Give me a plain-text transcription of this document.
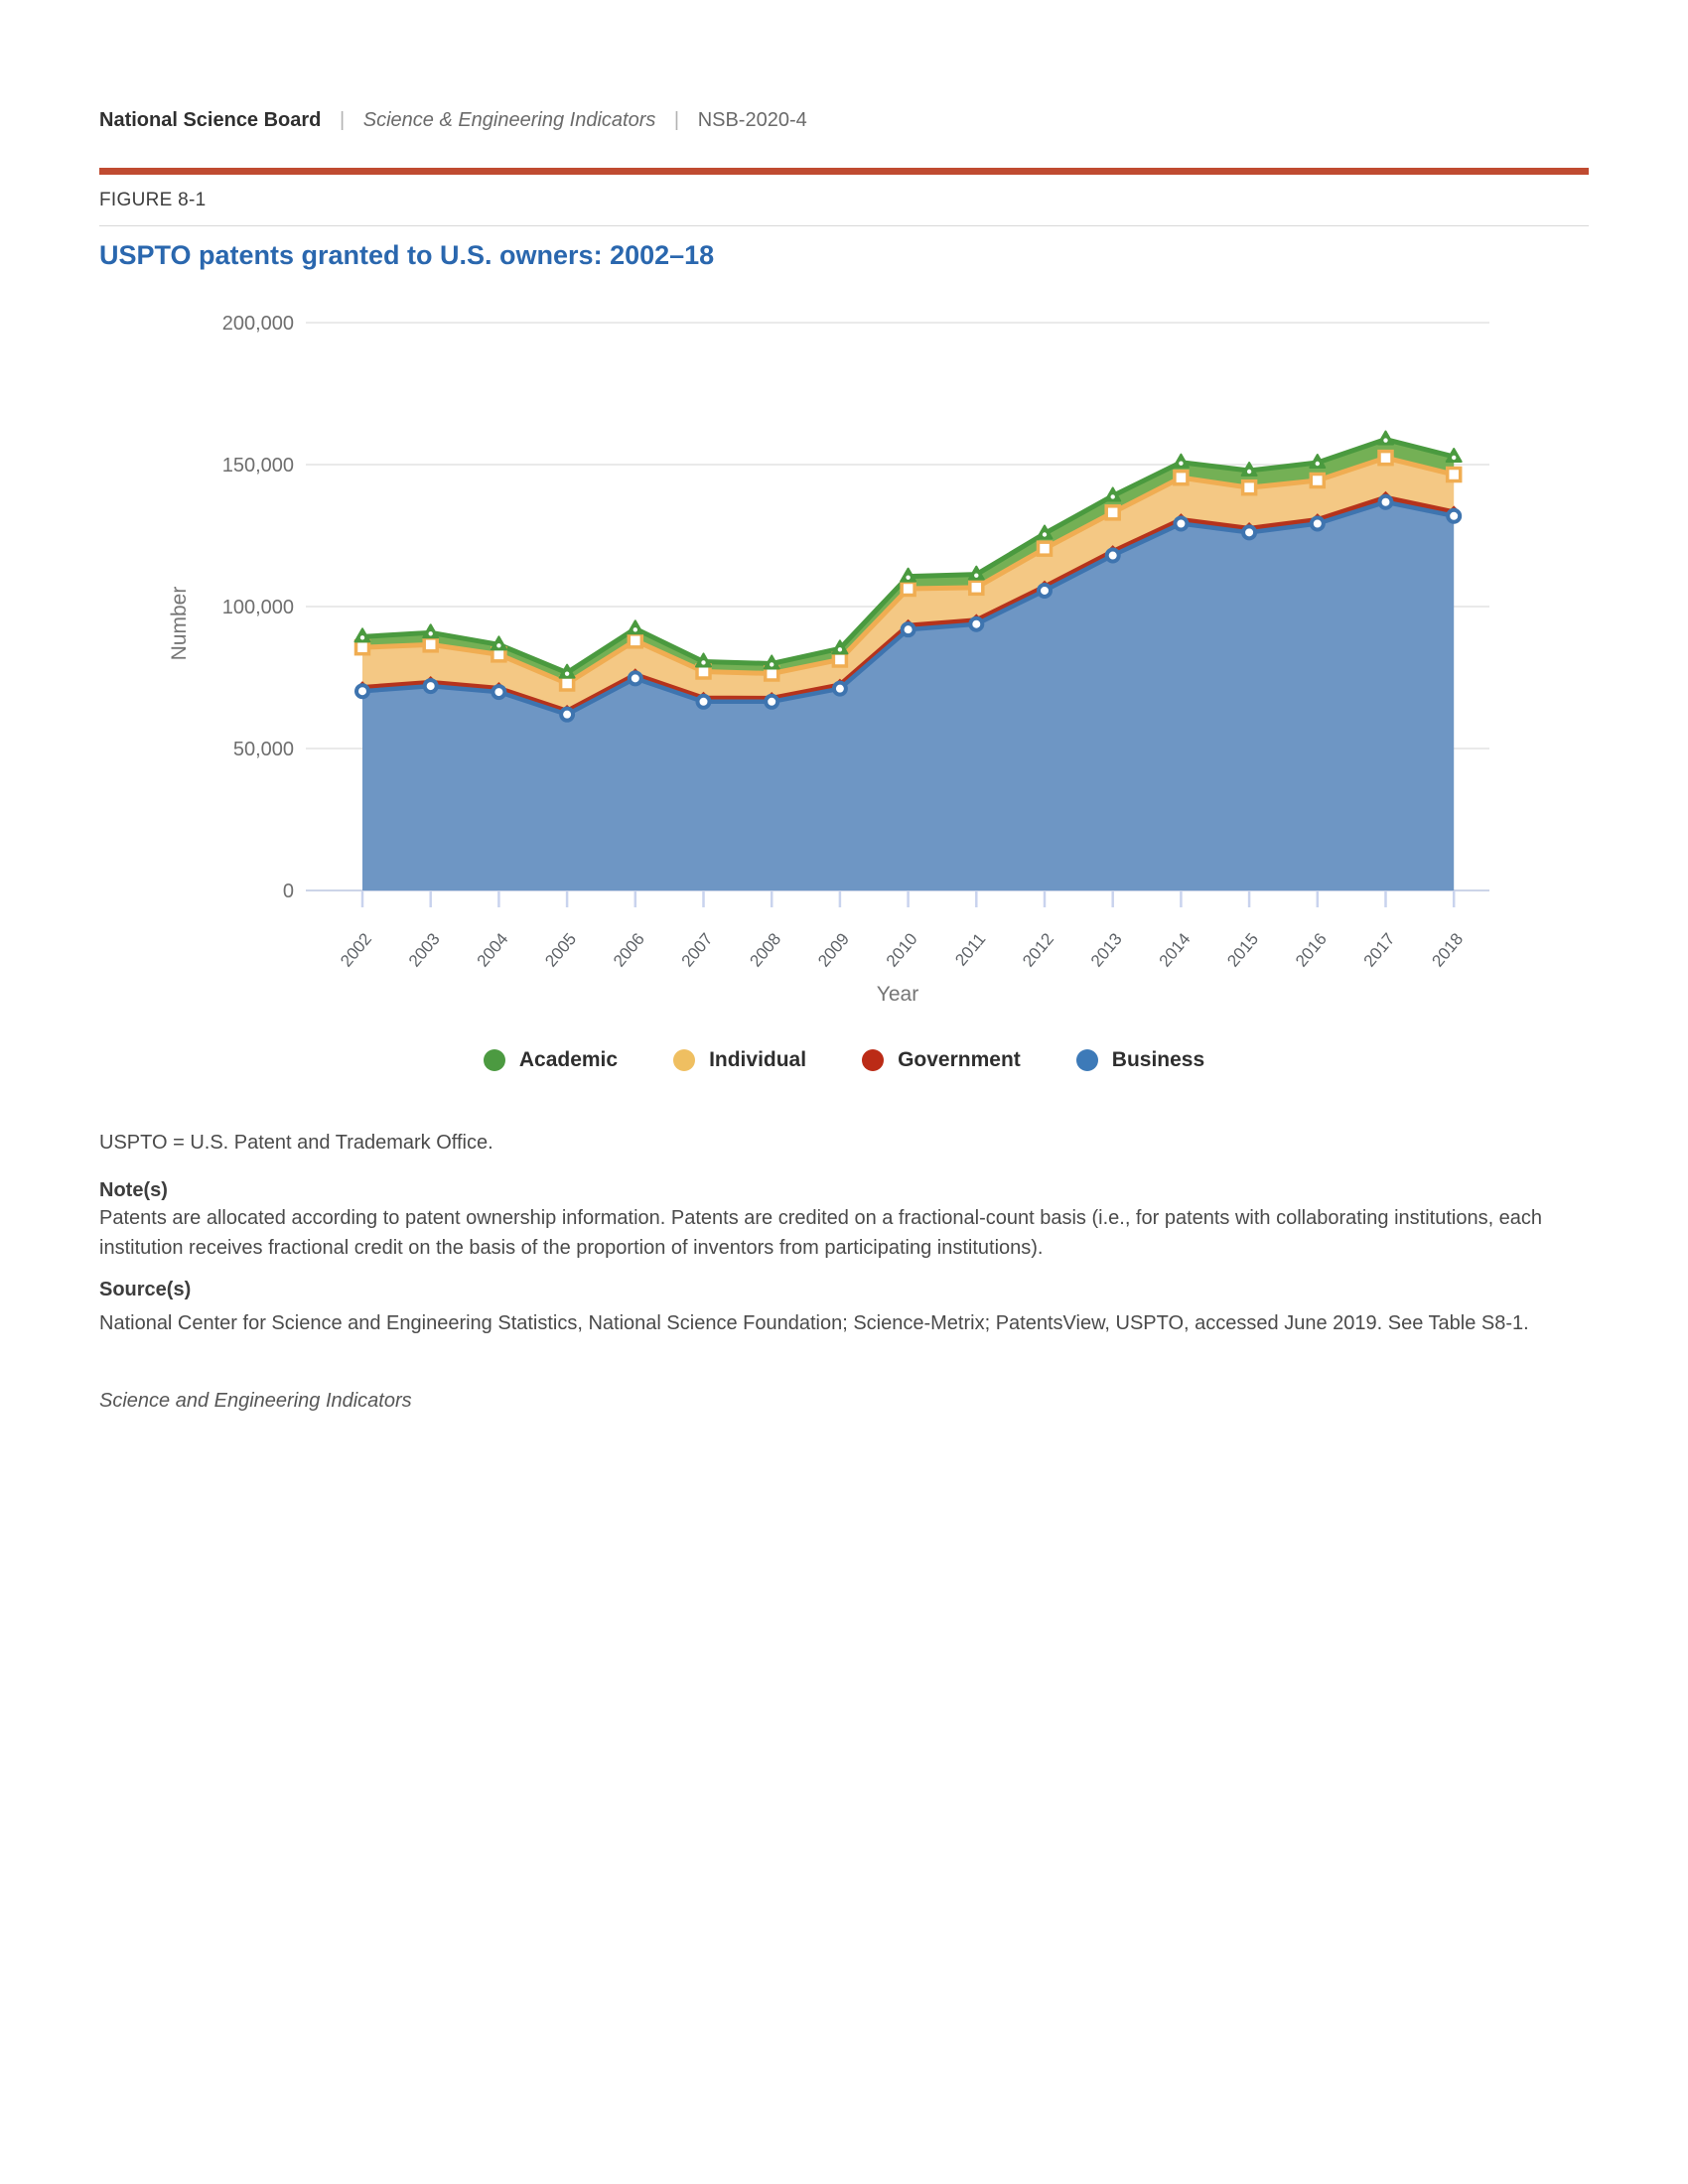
National Science Board | Science & Engineering Indicators | NSB-2020-4
FIGURE 8-1
USPTO patents granted to U.S. owners: 2002–18
0
50,000
100,000
150,000
200,000
2002 2003 2004 2005 2006 2007 2008 2009 2010 2011 2012 2013 2014 2015 2016 2017 2018
Number
Year
Academic	Individual	Government	Business
USPTO = U.S. Patent and Trademark Office.
Note(s)
Patents are allocated according to patent ownership information. Patents are credited on a fractional-count basis (i.e., for patents with collaborating institutions, each institution receives fractional credit on the basis of the proportion of inventors from participating institutions).
Source(s)
National Center for Science and Engineering Statistics, National Science Foundation; Science-Metrix; PatentsView, USPTO, accessed June 2019. See Table S8-1.
Science and Engineering Indicators
